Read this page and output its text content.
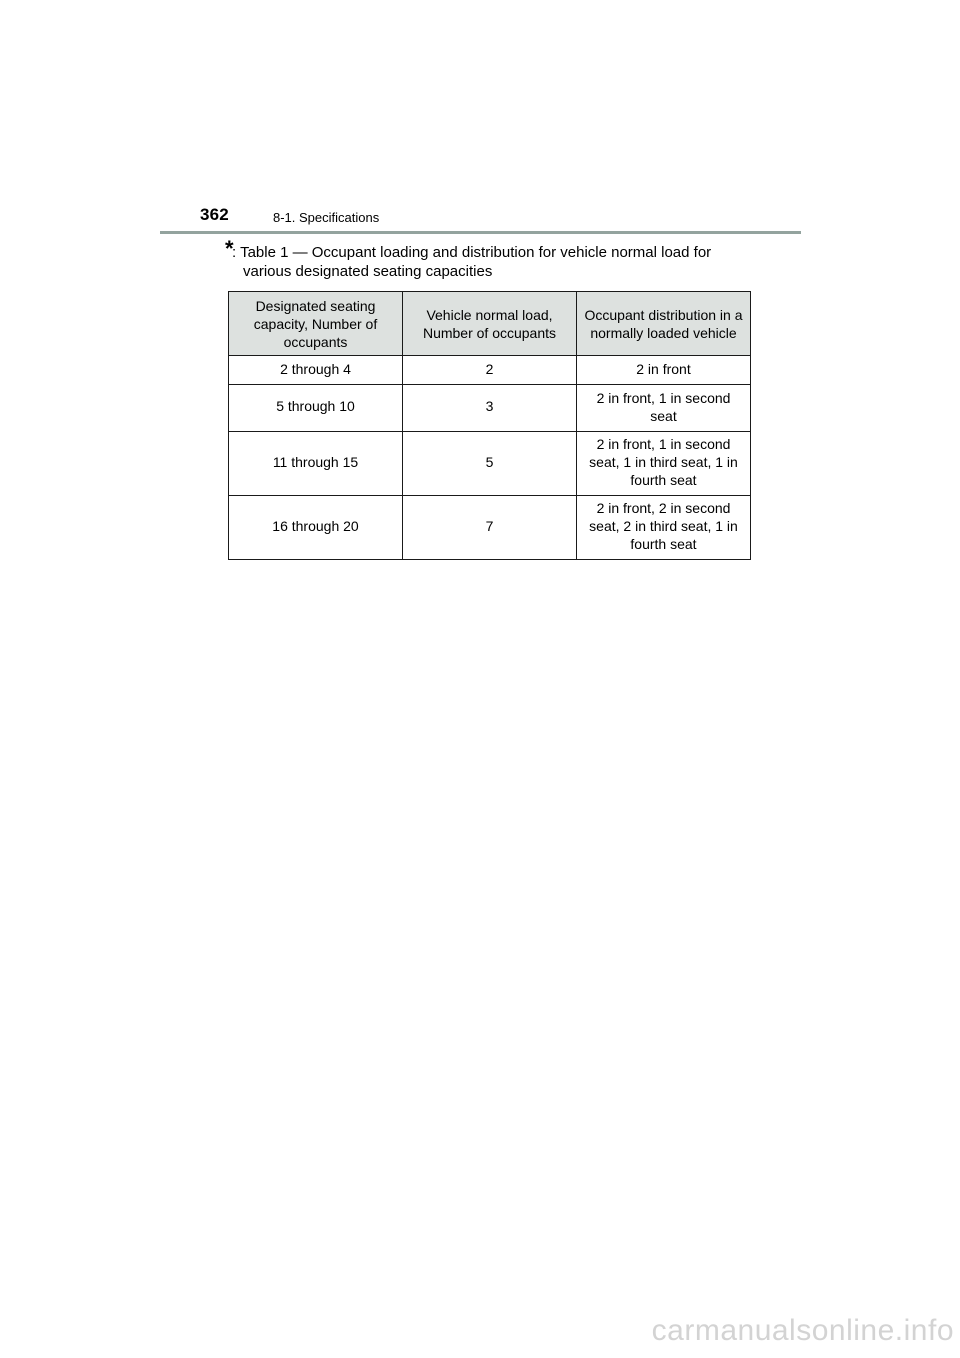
362	8-1. Specifications
*
: Table 1 — Occupant loading and distribution for vehicle normal load for
various designated seating capacities
Designated seating capacity, Number of occupants	Vehicle normal load, Number of occupants	Occupant distribution in a normally loaded vehicle

2 through 4	2	2 in front

5 through 10	3	2 in front, 1 in second seat

11 through 15	5	2 in front, 1 in second seat, 1 in third seat, 1 in fourth seat

16 through 20	7	2 in front, 2 in second seat, 2 in third seat, 1 in fourth seat
carmanualsonline.info
